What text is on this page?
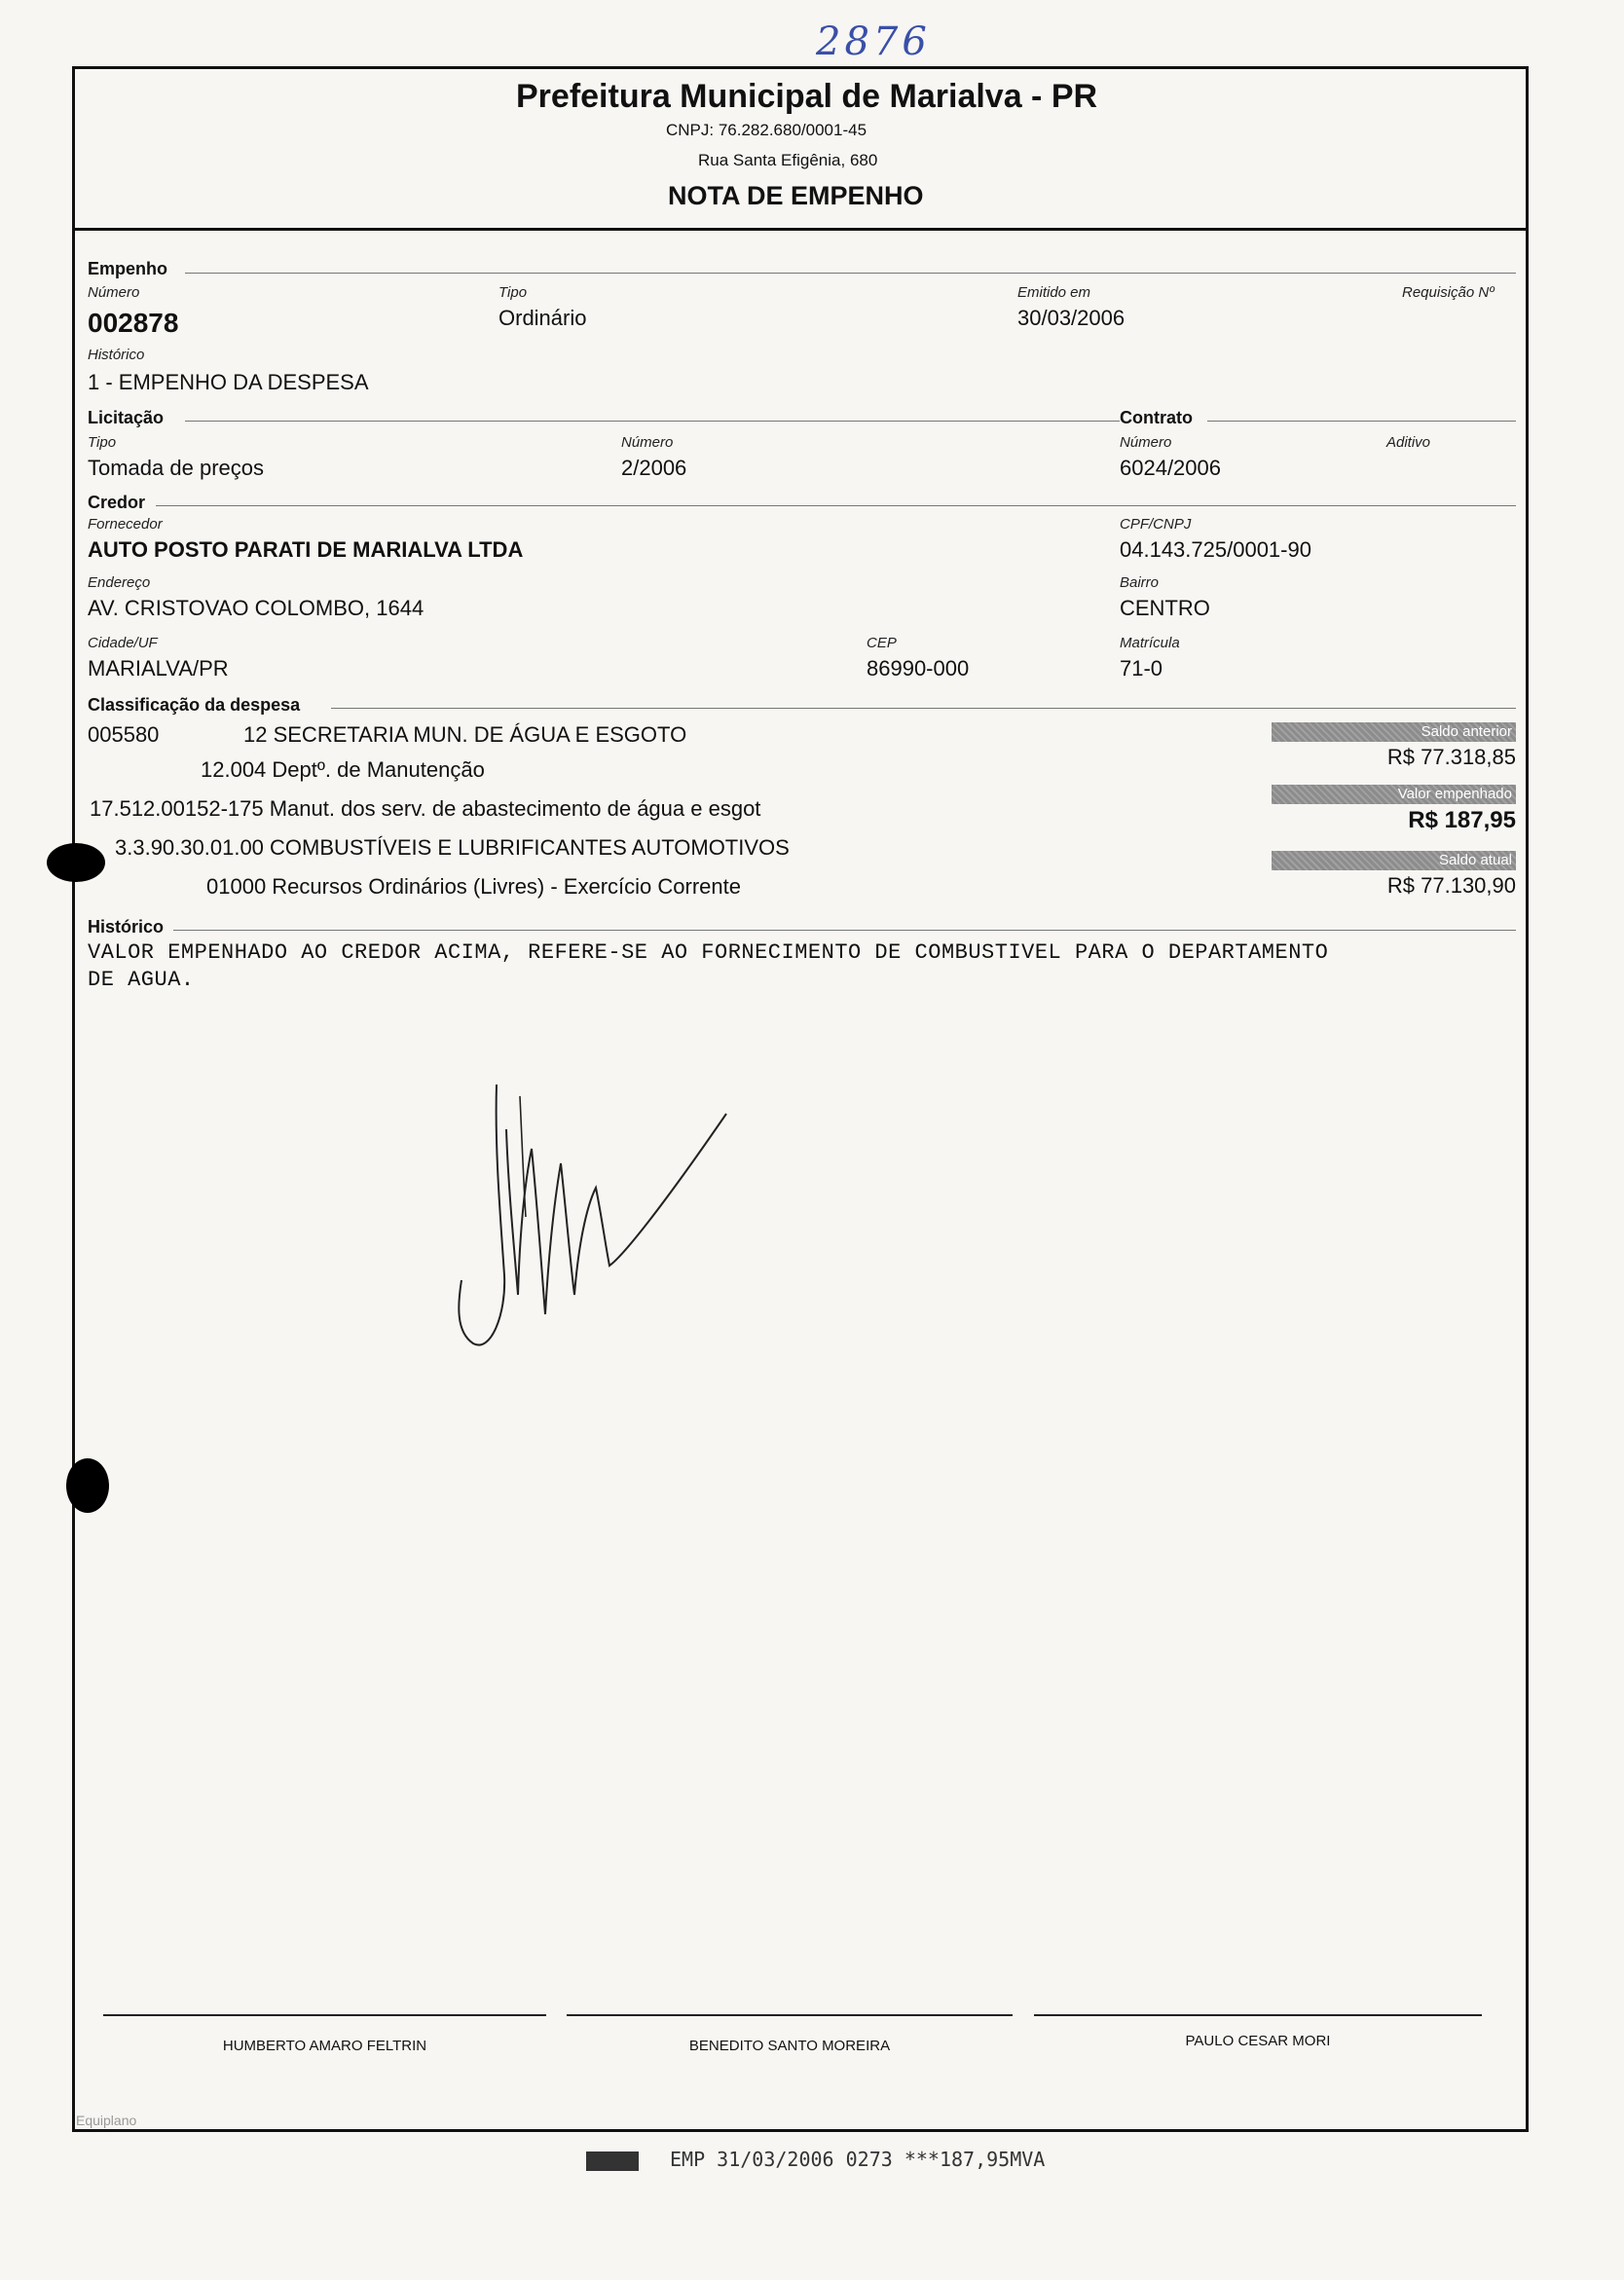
2876
Prefeitura Municipal de Marialva - PR
CNPJ: 76.282.680/0001-45
Rua Santa Efigênia, 680
NOTA DE EMPENHO
Empenho
Número
002878
Tipo
Ordinário
Emitido em
30/03/2006
Requisição Nº
Histórico
1 - EMPENHO DA DESPESA
Licitação	Contrato
Tipo
Tomada de preços
Número
2/2006
Número
6024/2006
Aditivo
Credor
Fornecedor
AUTO POSTO PARATI DE MARIALVA LTDA
CPF/CNPJ
04.143.725/0001-90
Endereço
AV. CRISTOVAO COLOMBO, 1644
Bairro
CENTRO
Cidade/UF
MARIALVA/PR
CEP
86990-000
Matrícula
71-0
Classificação da despesa
005580	12 SECRETARIA MUN. DE ÁGUA E ESGOTO
12.004 Deptº. de Manutenção
17.512.00152-175 Manut. dos serv. de abastecimento de água e esgot
3.3.90.30.01.00 COMBUSTÍVEIS E LUBRIFICANTES AUTOMOTIVOS
01000 Recursos Ordinários (Livres) - Exercício Corrente
Saldo anterior
R$ 77.318,85
Valor empenhado
R$ 187,95
Saldo atual
R$ 77.130,90
Histórico
VALOR EMPENHADO AO CREDOR ACIMA, REFERE-SE AO FORNECIMENTO DE COMBUSTIVEL PARA O DEPARTAMENTO
DE AGUA.
HUMBERTO AMARO FELTRIN	BENEDITO SANTO MOREIRA	PAULO CESAR MORI
Equiplano
EMP 31/03/2006 0273 ***187,95MVA
